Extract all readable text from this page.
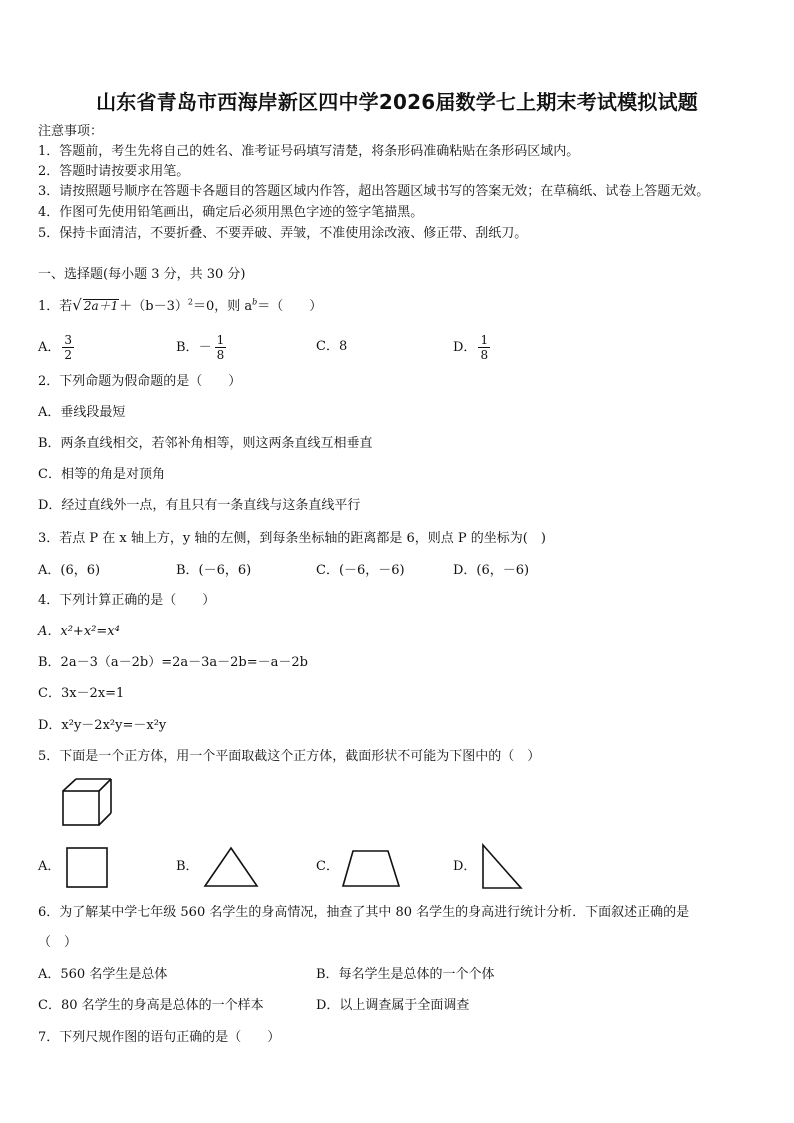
山东省青岛市西海岸新区四中学2026届数学七上期末考试模拟试题
注意事项：
1．答题前，考生先将自己的姓名、准考证号码填写清楚，将条形码准确粘贴在条形码区域内。
2．答题时请按要求用笔。
3．请按照题号顺序在答题卡各题目的答题区域内作答，超出答题区域书写的答案无效；在草稿纸、试卷上答题无效。
4．作图可先使用铅笔画出，确定后必须用黑色字迹的签字笔描黑。
5．保持卡面清洁，不要折叠、不要弄破、弄皱，不准使用涂改液、修正带、刮纸刀。
一、选择题(每小题 3 分，共 30 分)
1．若√ $2a+1+(b-3)^2=0$，则 $a^b=$（　　）
A． $\frac{3}{2}$	B．－ $\frac{1}{8}$	C．8	D． $\frac{1}{8}$
2．下列命题为假命题的是（　　）
A．垂线段最短
B．两条直线相交，若邻补角相等，则这两条直线互相垂直
C．相等的角是对顶角
D．经过直线外一点，有且只有一条直线与这条直线平行
3．若点 P 在 x 轴上方，y 轴的左侧，到每条坐标轴的距离都是 6，则点 P 的坐标为(　)
A．(6，6)	B．(－6，6)	C．(－6，－6)	D．(6，－6)
4．下列计算正确的是（　　）
A．x²+x²=x⁴
B．2a－3（a－2b）=2a－3a－2b=－a－2b
C．3x－2x=1
D．x²y－2x²y=－x²y
5．下面是一个正方体，用一个平面取截这个正方体，截面形状不可能为下图中的（　）
A．	B．	C．	D．
6．为了解某中学七年级 560 名学生的身高情况，抽查了其中 80 名学生的身高进行统计分析．下面叙述正确的是
（　）
A．560 名学生是总体	B．每名学生是总体的一个个体
C．80 名学生的身高是总体的一个样本	D．以上调查属于全面调查
7．下列尺规作图的语句正确的是（　　）
